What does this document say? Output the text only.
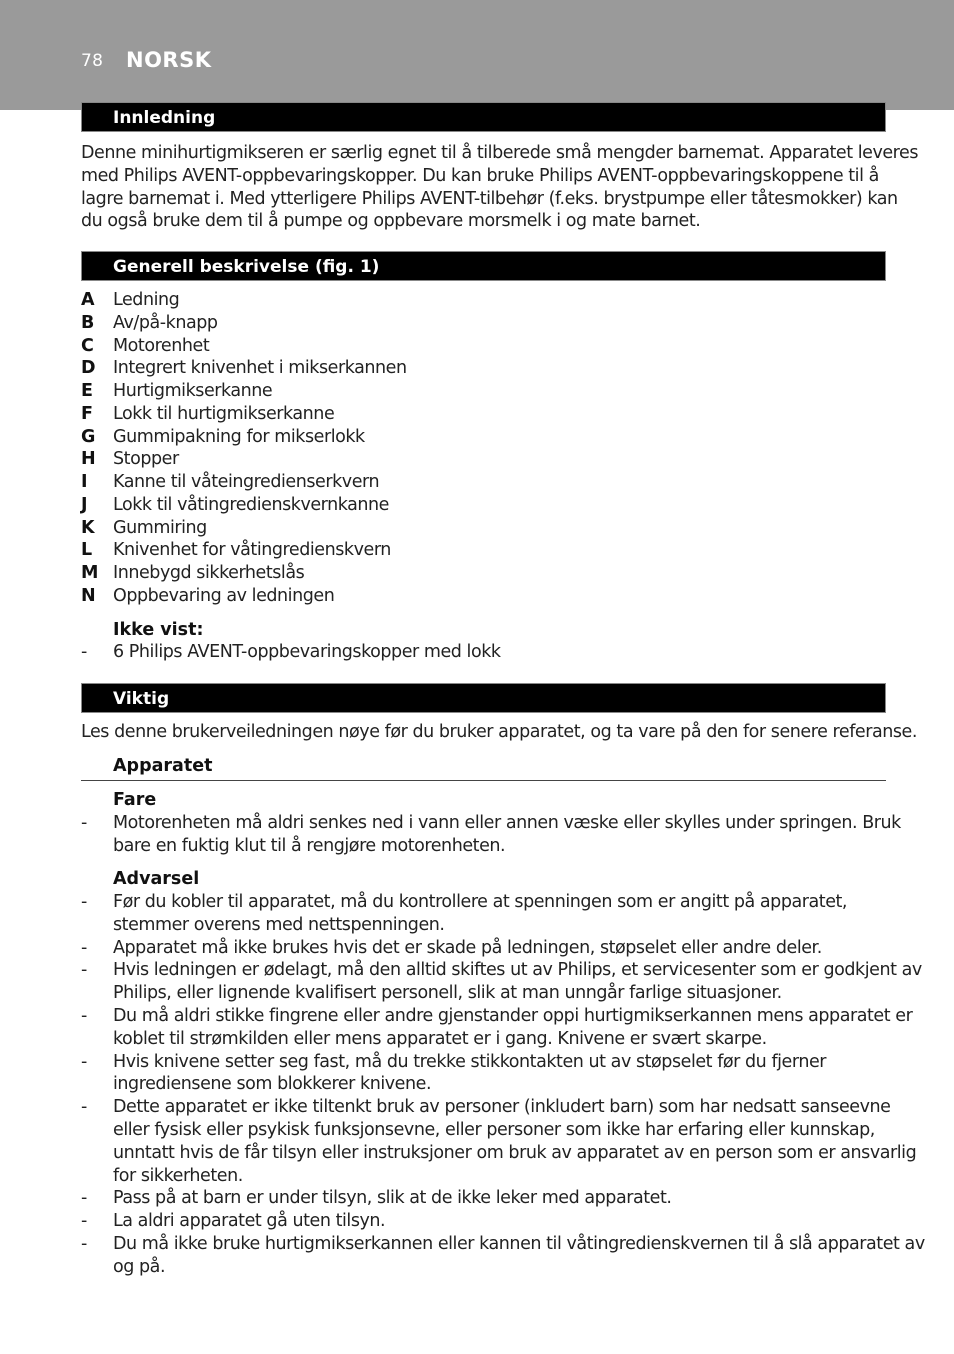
78 NORSK
Innledning
Denne minihurtigmikseren er særlig egnet til å tilberede små mengder barnemat. Apparatet leveres
med Philips AVENT-oppbevaringskopper. Du kan bruke Philips AVENT-oppbevaringskoppene til å
lagre barnemat i. Med ytterligere Philips AVENT-tilbehør (f.eks. brystpumpe eller tåtesmokker) kan
du også bruke dem til å pumpe og oppbevare morsmelk i og mate barnet.
Generell beskrivelse (fig. 1)
A	Ledning
B	Av/på-knapp
C	Motorenhet
D	Integrert knivenhet i mikserkannen
E	Hurtigmikserkanne
F	Lokk til hurtigmikserkanne
G	Gummipakning for mikserlokk
H	Stopper
I	Kanne til våteingredienserkvern
J	Lokk til våtingredienskvernkanne
K	Gummiring
L	Knivenhet for våtingredienskvern
M Innebygd sikkerhetslås
N	Oppbevaring av ledningen
Ikke vist:
-	6 Philips AVENT-oppbevaringskopper med lokk
Viktig
Les denne brukerveiledningen nøye før du bruker apparatet, og ta vare på den for senere referanse.
Apparatet
Fare
-	Motorenheten må aldri senkes ned i vann eller annen væske eller skylles under springen. Bruk
bare en fuktig klut til å rengjøre motorenheten.
Advarsel
-	Før du kobler til apparatet, må du kontrollere at spenningen som er angitt på apparatet,
stemmer overens med nettspenningen.
-	Apparatet må ikke brukes hvis det er skade på ledningen, støpselet eller andre deler.
-	Hvis ledningen er ødelagt, må den alltid skiftes ut av Philips, et servicesenter som er godkjent av
Philips, eller lignende kvalifisert personell, slik at man unngår farlige situasjoner.
-	Du må aldri stikke fingrene eller andre gjenstander oppi hurtigmikserkannen mens apparatet er
koblet til strømkilden eller mens apparatet er i gang. Knivene er svært skarpe.
-	Hvis knivene setter seg fast, må du trekke stikkontakten ut av støpselet før du fjerner
ingrediensene som blokkerer knivene.
-	Dette apparatet er ikke tiltenkt bruk av personer (inkludert barn) som har nedsatt sanseevne
eller fysisk eller psykisk funksjonsevne, eller personer som ikke har erfaring eller kunnskap,
unntatt hvis de får tilsyn eller instruksjoner om bruk av apparatet av en person som er ansvarlig
for sikkerheten.
-	Pass på at barn er under tilsyn, slik at de ikke leker med apparatet.
-	La aldri apparatet gå uten tilsyn.
-	Du må ikke bruke hurtigmikserkannen eller kannen til våtingredienskvernen til å slå apparatet av
og på.
